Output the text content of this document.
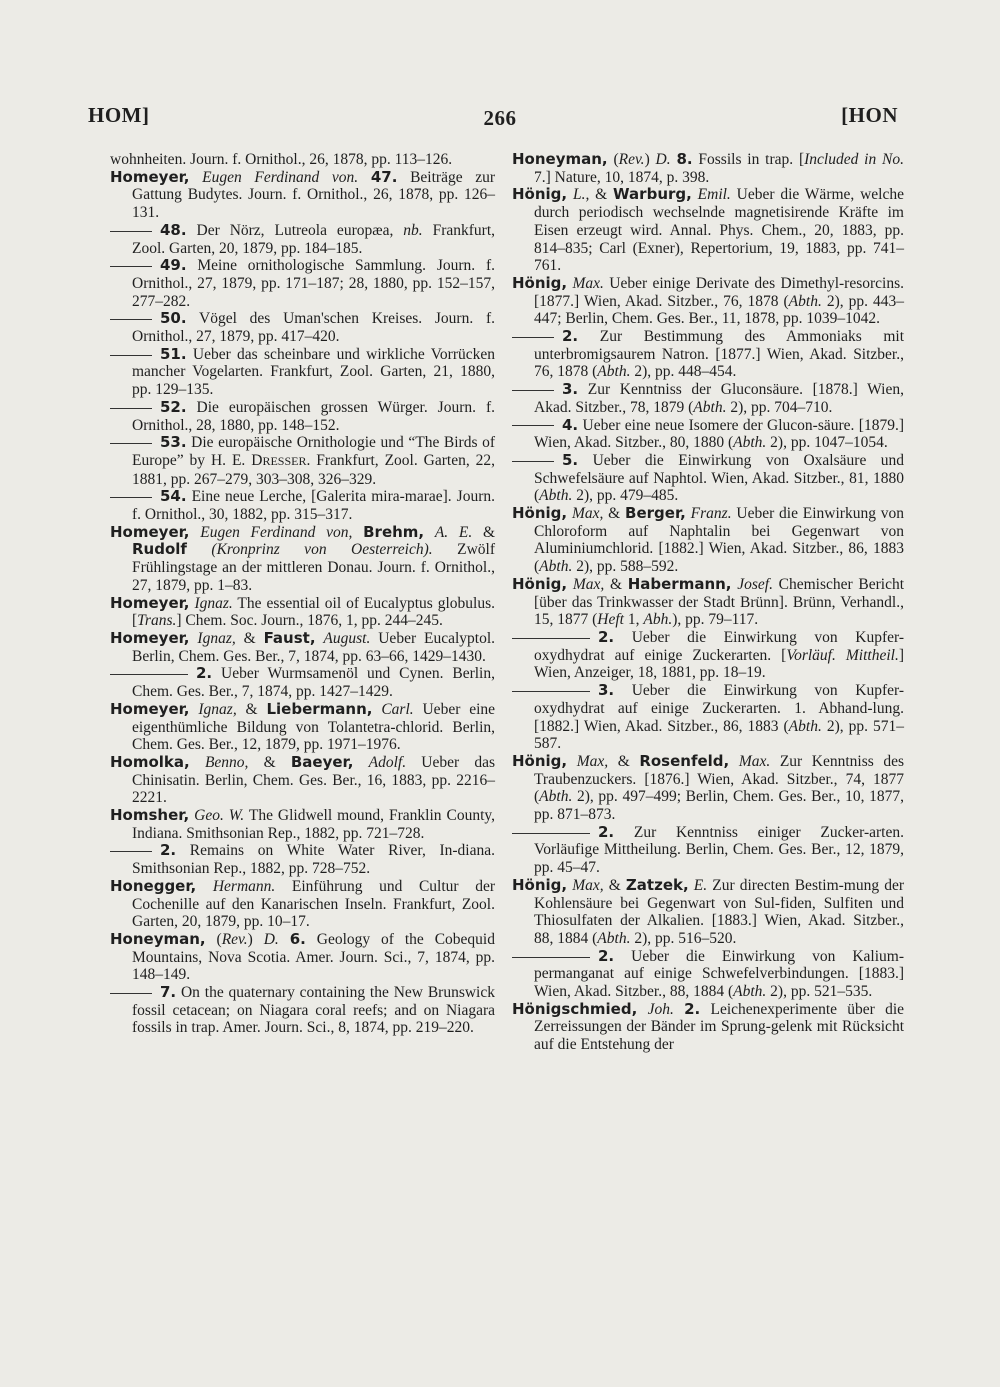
HOM]	266	[HON
wohnheiten. Journ. f. Ornithol., 26, 1878, pp. 113–126.
Homeyer, Eugen Ferdinand von. 47. Beiträge zur Gattung Budytes. Journ. f. Ornithol., 26, 1878, pp. 126–131.
48. Der Nörz, Lutreola europæa, nb. Frankfurt, Zool. Garten, 20, 1879, pp. 184–185.
49. Meine ornithologische Sammlung. Journ. f. Ornithol., 27, 1879, pp. 171–187; 28, 1880, pp. 152–157, 277–282.
50. Vögel des Uman'schen Kreises. Journ. f. Ornithol., 27, 1879, pp. 417–420.
51. Ueber das scheinbare und wirkliche Vorrücken mancher Vogelarten. Frankfurt, Zool. Garten, 21, 1880, pp. 129–135.
52. Die europäischen grossen Würger. Journ. f. Ornithol., 28, 1880, pp. 148–152.
53. Die europäische Ornithologie und “The Birds of Europe” by H. E. DRESSER. Frankfurt, Zool. Garten, 22, 1881, pp. 267–279, 303–308, 326–329.
54. Eine neue Lerche, [Galerita mira-marae]. Journ. f. Ornithol., 30, 1882, pp. 315–317.
Homeyer, Eugen Ferdinand von, Brehm, A. E. & Rudolf (Kronprinz von Oesterreich). Zwölf Frühlingstage an der mittleren Donau. Journ. f. Ornithol., 27, 1879, pp. 1–83.
Homeyer, Ignaz. The essential oil of Eucalyptus globulus. [Trans.] Chem. Soc. Journ., 1876, 1, pp. 244–245.
Homeyer, Ignaz, & Faust, August. Ueber Eucalyptol. Berlin, Chem. Ges. Ber., 7, 1874, pp. 63–66, 1429–1430.
2. Ueber Wurmsamenöl und Cynen. Berlin, Chem. Ges. Ber., 7, 1874, pp. 1427–1429.
Homeyer, Ignaz, & Liebermann, Carl. Ueber eine eigenthümliche Bildung von Tolantetra-chlorid. Berlin, Chem. Ges. Ber., 12, 1879, pp. 1971–1976.
Homolka, Benno, & Baeyer, Adolf. Ueber das Chinisatin. Berlin, Chem. Ges. Ber., 16, 1883, pp. 2216–2221.
Homsher, Geo. W. The Glidwell mound, Franklin County, Indiana. Smithsonian Rep., 1882, pp. 721–728.
2. Remains on White Water River, In-diana. Smithsonian Rep., 1882, pp. 728–752.
Honegger, Hermann. Einführung und Cultur der Cochenille auf den Kanarischen Inseln. Frankfurt, Zool. Garten, 20, 1879, pp. 10–17.
Honeyman, (Rev.) D. 6. Geology of the Cobequid Mountains, Nova Scotia. Amer. Journ. Sci., 7, 1874, pp. 148–149.
7. On the quaternary containing the New Brunswick fossil cetacean; on Niagara coral reefs; and on Niagara fossils in trap. Amer. Journ. Sci., 8, 1874, pp. 219–220.
Honeyman, (Rev.) D. 8. Fossils in trap. [Included in No. 7.] Nature, 10, 1874, p. 398.
Hönig, L., & Warburg, Emil. Ueber die Wärme, welche durch periodisch wechselnde magnetisirende Kräfte im Eisen erzeugt wird. Annal. Phys. Chem., 20, 1883, pp. 814–835; Carl (Exner), Repertorium, 19, 1883, pp. 741–761.
Hönig, Max. Ueber einige Derivate des Dimethyl-resorcins. [1877.] Wien, Akad. Sitzber., 76, 1878 (Abth. 2), pp. 443–447; Berlin, Chem. Ges. Ber., 11, 1878, pp. 1039–1042.
2. Zur Bestimmung des Ammoniaks mit unterbromigsaurem Natron. [1877.] Wien, Akad. Sitzber., 76, 1878 (Abth. 2), pp. 448–454.
3. Zur Kenntniss der Gluconsäure. [1878.] Wien, Akad. Sitzber., 78, 1879 (Abth. 2), pp. 704–710.
4. Ueber eine neue Isomere der Glucon-säure. [1879.] Wien, Akad. Sitzber., 80, 1880 (Abth. 2), pp. 1047–1054.
5. Ueber die Einwirkung von Oxalsäure und Schwefelsäure auf Naphtol. Wien, Akad. Sitzber., 81, 1880 (Abth. 2), pp. 479–485.
Hönig, Max, & Berger, Franz. Ueber die Einwirkung von Chloroform auf Naphtalin bei Gegenwart von Aluminiumchlorid. [1882.] Wien, Akad. Sitzber., 86, 1883 (Abth. 2), pp. 588–592.
Hönig, Max, & Habermann, Josef. Chemischer Bericht [über das Trinkwasser der Stadt Brünn]. Brünn, Verhandl., 15, 1877 (Heft 1, Abh.), pp. 79–117.
2. Ueber die Einwirkung von Kupfer-oxydhydrat auf einige Zuckerarten. [Vorläuf. Mittheil.] Wien, Anzeiger, 18, 1881, pp. 18–19.
3. Ueber die Einwirkung von Kupfer-oxydhydrat auf einige Zuckerarten. 1. Abhand-lung. [1882.] Wien, Akad. Sitzber., 86, 1883 (Abth. 2), pp. 571–587.
Hönig, Max, & Rosenfeld, Max. Zur Kenntniss des Traubenzuckers. [1876.] Wien, Akad. Sitzber., 74, 1877 (Abth. 2), pp. 497–499; Berlin, Chem. Ges. Ber., 10, 1877, pp. 871–873.
2. Zur Kenntniss einiger Zucker-arten. Vorläufige Mittheilung. Berlin, Chem. Ges. Ber., 12, 1879, pp. 45–47.
Hönig, Max, & Zatzek, E. Zur directen Bestim-mung der Kohlensäure bei Gegenwart von Sul-fiden, Sulfiten und Thiosulfaten der Alkalien. [1883.] Wien, Akad. Sitzber., 88, 1884 (Abth. 2), pp. 516–520.
2. Ueber die Einwirkung von Kalium-permanganat auf einige Schwefelverbindungen. [1883.] Wien, Akad. Sitzber., 88, 1884 (Abth. 2), pp. 521–535.
Hönigschmied, Joh. 2. Leichenexperimente über die Zerreissungen der Bänder im Sprung-gelenk mit Rücksicht auf die Entstehung der
